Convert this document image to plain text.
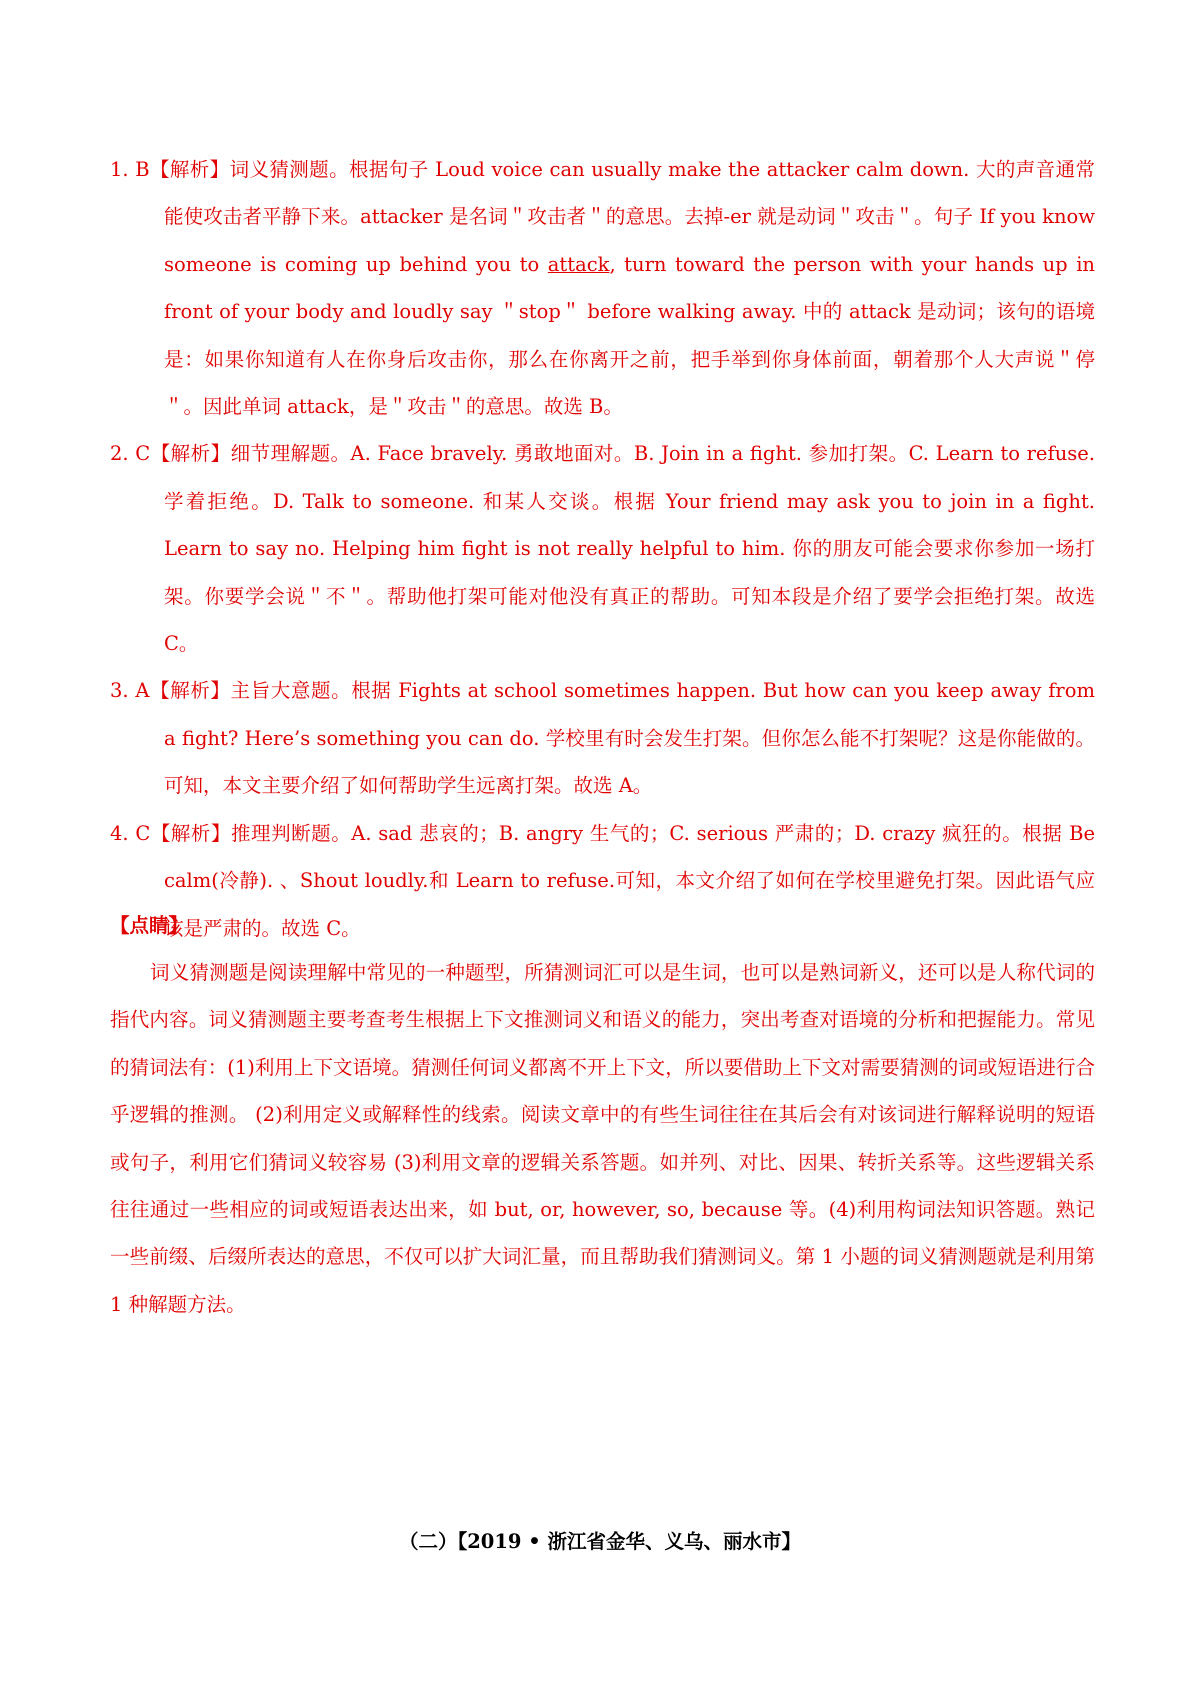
1. B【解析】词义猜测题。根据句子 Loud voice can usually make the attacker calm down. 大的声音通常能使攻击者平静下来。attacker 是名词＂攻击者＂的意思。去掉-er 就是动词＂攻击＂。句子 If you know someone is coming up behind you to attack, turn toward the person with your hands up in front of your body and loudly say ＂stop＂ before walking away. 中的 attack 是动词；该句的语境是：如果你知道有人在你身后攻击你，那么在你离开之前，把手举到你身体前面，朝着那个人大声说＂停＂。因此单词 attack，是＂攻击＂的意思。故选 B。

2. C【解析】细节理解题。A. Face bravely. 勇敢地面对。B. Join in a fight. 参加打架。C. Learn to refuse. 学着拒绝。D. Talk to someone. 和某人交谈。根据 Your friend may ask you to join in a fight. Learn to say no. Helping him fight is not really helpful to him. 你的朋友可能会要求你参加一场打架。你要学会说＂不＂。帮助他打架可能对他没有真正的帮助。可知本段是介绍了要学会拒绝打架。故选 C。

3. A【解析】主旨大意题。根据 Fights at school sometimes happen. But how can you keep away from a fight? Here’s something you can do. 学校里有时会发生打架。但你怎么能不打架呢？这是你能做的。可知，本文主要介绍了如何帮助学生远离打架。故选 A。

4. C【解析】推理判断题。A. sad 悲哀的；B. angry 生气的；C. serious 严肃的；D. crazy 疯狂的。根据 Be calm(冷静). 、Shout loudly.和 Learn to refuse.可知，本文介绍了如何在学校里避免打架。因此语气应该是严肃的。故选 C。

【点睛】

词义猜测题是阅读理解中常见的一种题型，所猜测词汇可以是生词，也可以是熟词新义，还可以是人称代词的指代内容。词义猜测题主要考查考生根据上下文推测词义和语义的能力，突出考查对语境的分析和把握能力。常见的猜词法有：(1)利用上下文语境。猜测任何词义都离不开上下文，所以要借助上下文对需要猜测的词或短语进行合乎逻辑的推测。 (2)利用定义或解释性的线索。阅读文章中的有些生词往往在其后会有对该词进行解释说明的短语或句子，利用它们猜词义较容易 (3)利用文章的逻辑关系答题。如并列、对比、因果、转折关系等。这些逻辑关系往往通过一些相应的词或短语表达出来，如 but, or, however, so, because 等。(4)利用构词法知识答题。熟记一些前缀、后缀所表达的意思，不仅可以扩大词汇量，而且帮助我们猜测词义。第 1 小题的词义猜测题就是利用第 1 种解题方法。

（二）【2019 • 浙江省金华、义乌、丽水市】
